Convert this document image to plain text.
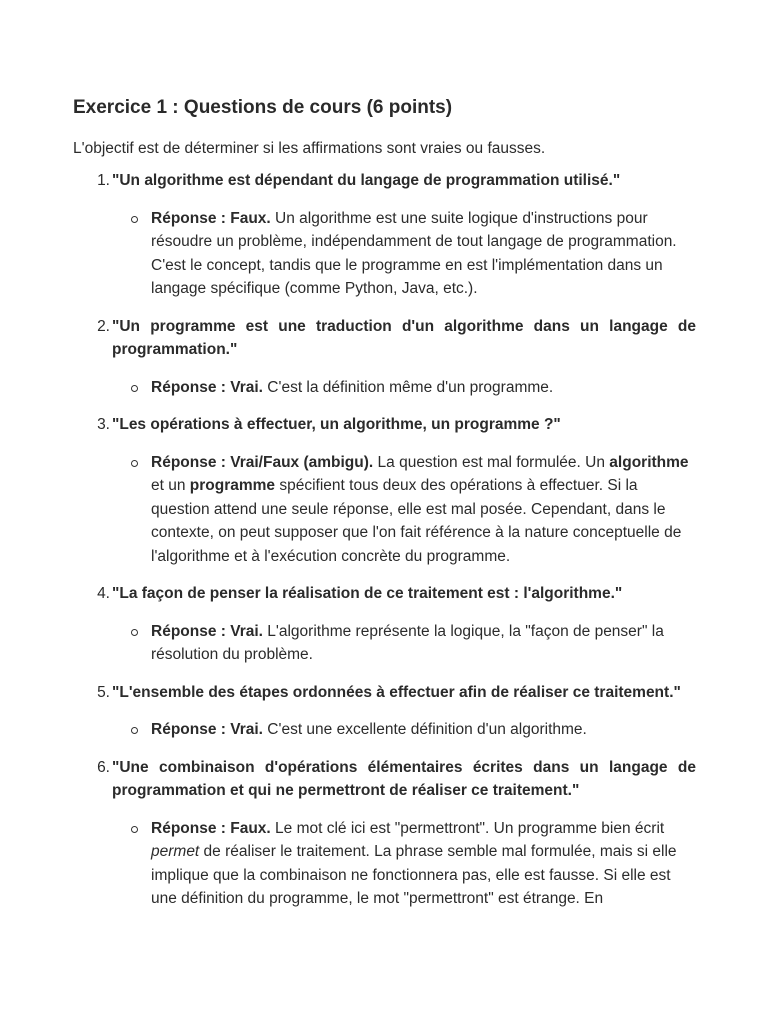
Exercice 1 : Questions de cours (6 points)

L'objectif est de déterminer si les affirmations sont vraies ou fausses.

1. "Un algorithme est dépendant du langage de programmation utilisé."
Réponse : Faux. Un algorithme est une suite logique d'instructions pour résoudre un problème, indépendamment de tout langage de programmation. C'est le concept, tandis que le programme en est l'implémentation dans un langage spécifique (comme Python, Java, etc.).
2. "Un programme est une traduction d'un algorithme dans un langage de programmation."
Réponse : Vrai. C'est la définition même d'un programme.
3. "Les opérations à effectuer, un algorithme, un programme ?"
Réponse : Vrai/Faux (ambigu). La question est mal formulée. Un algorithme et un programme spécifient tous deux des opérations à effectuer. Si la question attend une seule réponse, elle est mal posée. Cependant, dans le contexte, on peut supposer que l'on fait référence à la nature conceptuelle de l'algorithme et à l'exécution concrète du programme.
4. "La façon de penser la réalisation de ce traitement est : l'algorithme."
Réponse : Vrai. L'algorithme représente la logique, la "façon de penser" la résolution du problème.
5. "L'ensemble des étapes ordonnées à effectuer afin de réaliser ce traitement."
Réponse : Vrai. C'est une excellente définition d'un algorithme.
6. "Une combinaison d'opérations élémentaires écrites dans un langage de programmation et qui ne permettront de réaliser ce traitement."
Réponse : Faux. Le mot clé ici est "permettront". Un programme bien écrit permet de réaliser le traitement. La phrase semble mal formulée, mais si elle implique que la combinaison ne fonctionnera pas, elle est fausse. Si elle est une définition du programme, le mot "permettront" est étrange. En
